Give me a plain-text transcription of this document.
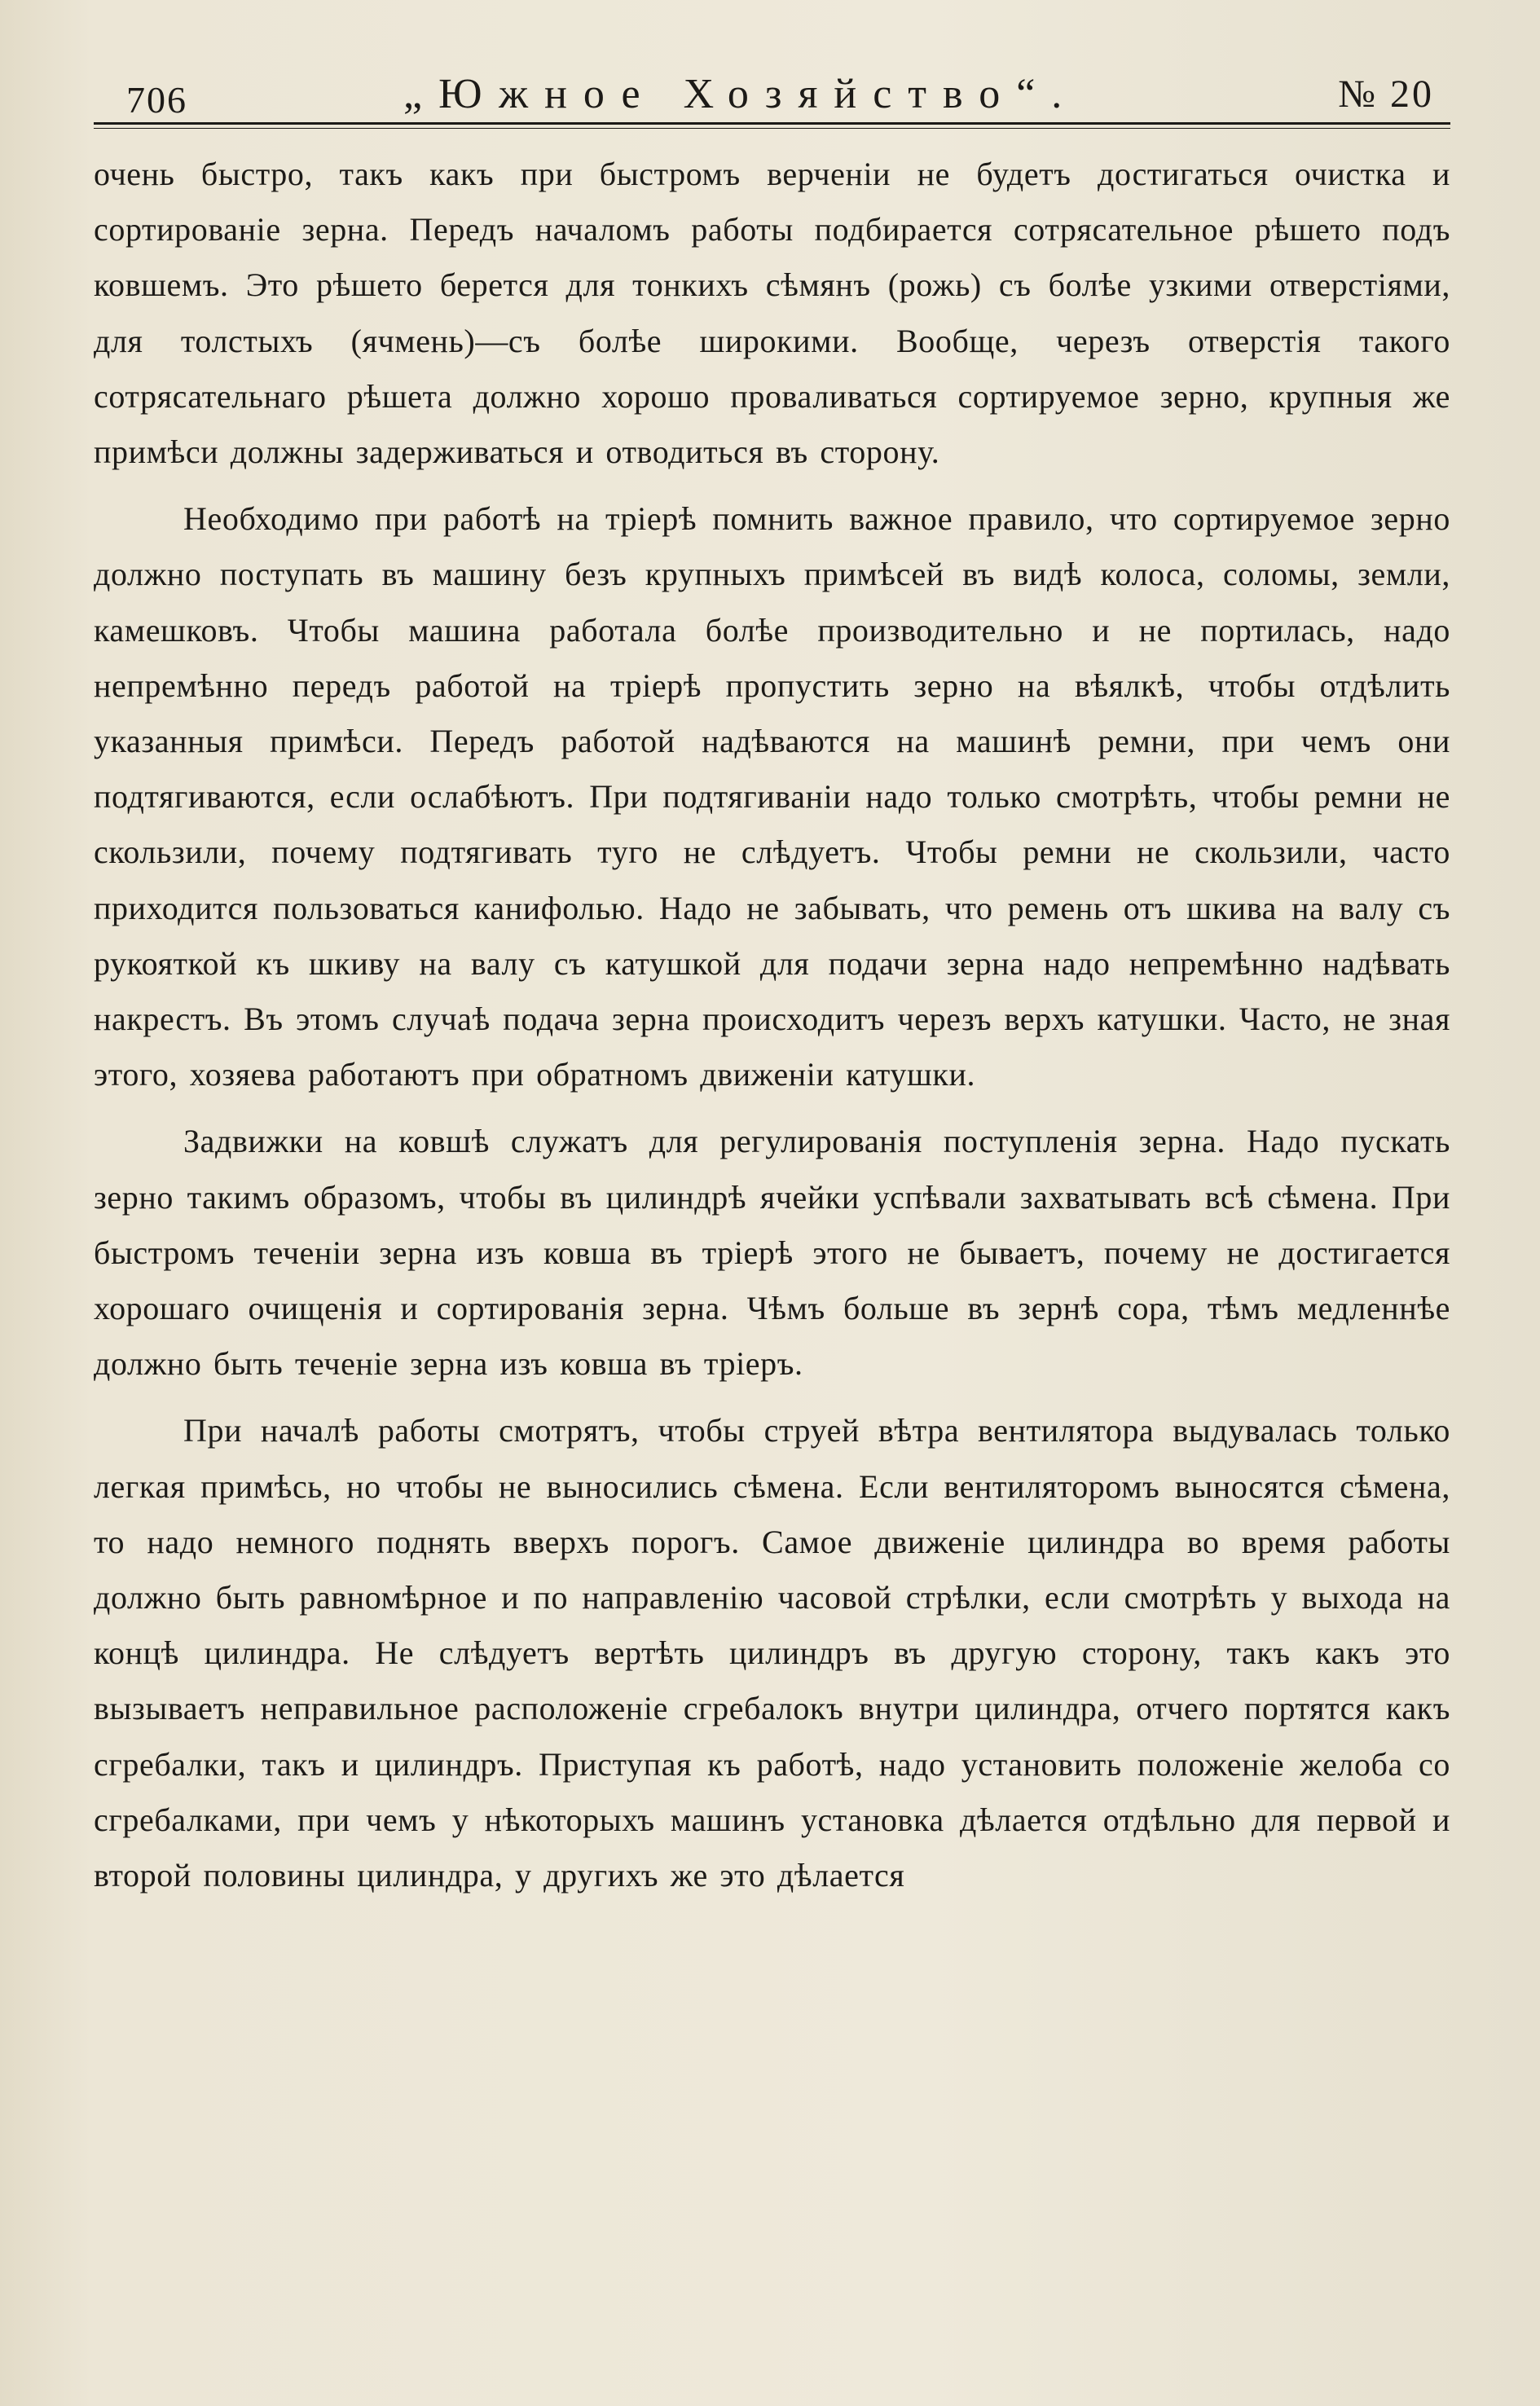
706	„Южное Хозяйство“.	№ 20

очень быстро, такъ какъ при быстромъ верченіи не будетъ достигаться очистка и сортированіе зерна. Передъ началомъ работы подбирается сотрясательное рѣшето подъ ковшемъ. Это рѣшето берется для тонкихъ сѣмянъ (рожь) съ болѣе узкими отверстіями, для толстыхъ (ячмень)—съ болѣе широкими. Вообще, черезъ отверстія такого сотрясательнаго рѣшета должно хорошо проваливаться сортируемое зерно, крупныя же примѣси должны задерживаться и отводиться въ сторону.

Необходимо при работѣ на тріерѣ помнить важное правило, что сортируемое зерно должно поступать въ машину безъ крупныхъ примѣсей въ видѣ колоса, соломы, земли, камешковъ. Чтобы машина работала болѣе производительно и не портилась, надо непремѣнно передъ работой на тріерѣ пропустить зерно на вѣялкѣ, чтобы отдѣлить указанныя примѣси. Передъ работой надѣваются на машинѣ ремни, при чемъ они подтягиваются, если ослабѣютъ. При подтягиваніи надо только смотрѣть, чтобы ремни не скользили, почему подтягивать туго не слѣдуетъ. Чтобы ремни не скользили, часто приходится пользоваться канифолью. Надо не забывать, что ремень отъ шкива на валу съ рукояткой къ шкиву на валу съ катушкой для подачи зерна надо непремѣнно надѣвать накрестъ. Въ этомъ случаѣ подача зерна происходитъ черезъ верхъ катушки. Часто, не зная этого, хозяева работаютъ при обратномъ движеніи катушки.

Задвижки на ковшѣ служатъ для регулированія поступленія зерна. Надо пускать зерно такимъ образомъ, чтобы въ цилиндрѣ ячейки успѣвали захватывать всѣ сѣмена. При быстромъ теченіи зерна изъ ковша въ тріерѣ этого не бываетъ, почему не достигается хорошаго очищенія и сортированія зерна. Чѣмъ больше въ зернѣ сора, тѣмъ медленнѣе должно быть теченіе зерна изъ ковша въ тріеръ.

При началѣ работы смотрятъ, чтобы струей вѣтра вентилятора выдувалась только легкая примѣсь, но чтобы не выносились сѣмена. Если вентиляторомъ выносятся сѣмена, то надо немного поднять вверхъ порогъ. Самое движеніе цилиндра во время работы должно быть равномѣрное и по направленію часовой стрѣлки, если смотрѣть у выхода на концѣ цилиндра. Не слѣдуетъ вертѣть цилиндръ въ другую сторону, такъ какъ это вызываетъ неправильное расположеніе сгребалокъ внутри цилиндра, отчего портятся какъ сгребалки, такъ и цилиндръ. Приступая къ работѣ, надо установить положеніе желоба со сгребалками, при чемъ у нѣкоторыхъ машинъ установка дѣлается отдѣльно для первой и второй половины цилиндра, у другихъ же это дѣлается
